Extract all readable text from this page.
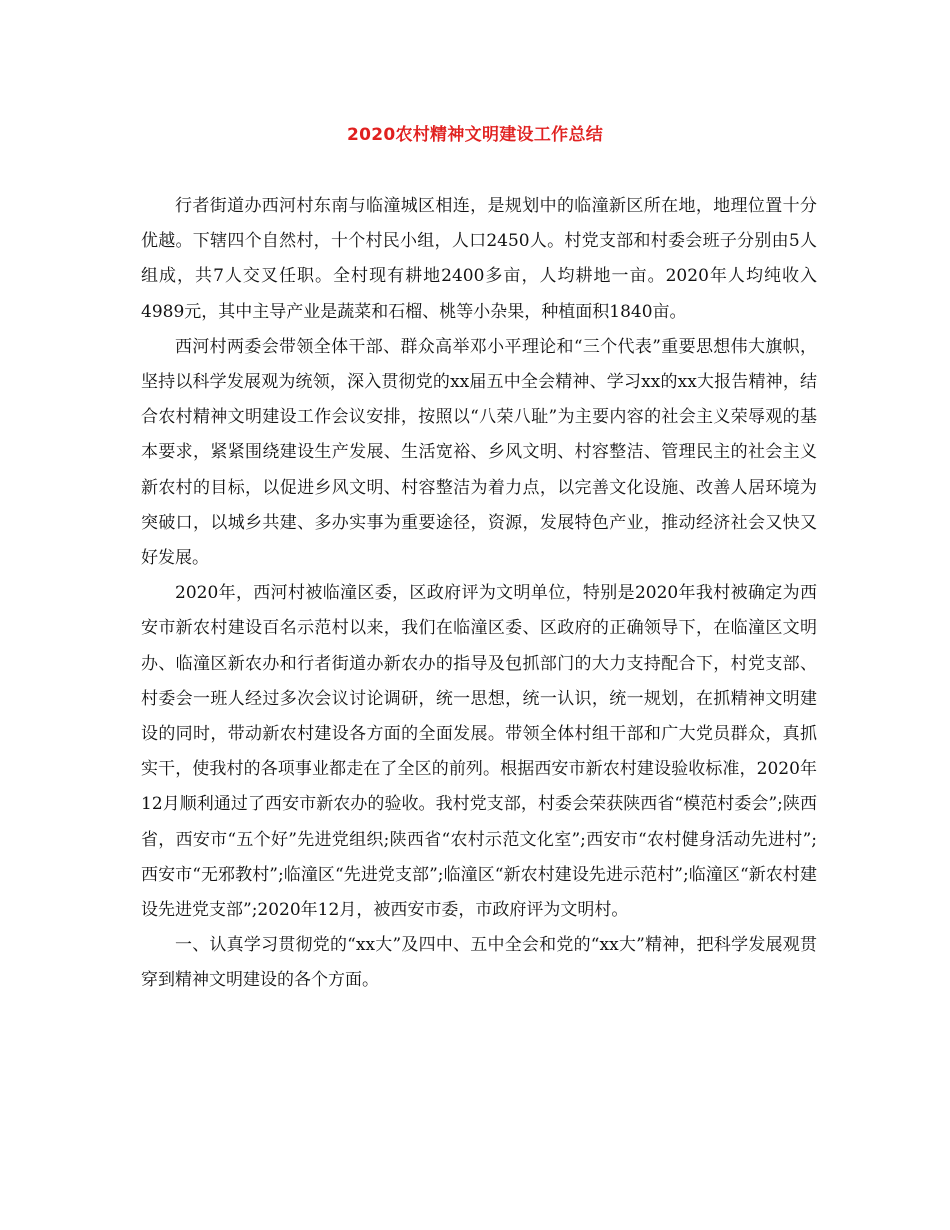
2020农村精神文明建设工作总结

行者街道办西河村东南与临潼城区相连，是规划中的临潼新区所在地，地理位置十分优越。下辖四个自然村，十个村民小组，人口2450人。村党支部和村委会班子分别由5人组成，共7人交叉任职。全村现有耕地2400多亩，人均耕地一亩。2020年人均纯收入4989元，其中主导产业是蔬菜和石榴、桃等小杂果，种植面积1840亩。

西河村两委会带领全体干部、群众高举邓小平理论和“三个代表”重要思想伟大旗帜，坚持以科学发展观为统领，深入贯彻党的xx届五中全会精神、学习xx的xx大报告精神，结合农村精神文明建设工作会议安排，按照以“八荣八耻”为主要内容的社会主义荣辱观的基本要求，紧紧围绕建设生产发展、生活宽裕、乡风文明、村容整洁、管理民主的社会主义新农村的目标，以促进乡风文明、村容整洁为着力点，以完善文化设施、改善人居环境为突破口，以城乡共建、多办实事为重要途径，资源，发展特色产业，推动经济社会又快又好发展。

2020年，西河村被临潼区委，区政府评为文明单位，特别是2020年我村被确定为西安市新农村建设百名示范村以来，我们在临潼区委、区政府的正确领导下，在临潼区文明办、临潼区新农办和行者街道办新农办的指导及包抓部门的大力支持配合下，村党支部、村委会一班人经过多次会议讨论调研，统一思想，统一认识，统一规划，在抓精神文明建设的同时，带动新农村建设各方面的全面发展。带领全体村组干部和广大党员群众，真抓实干，使我村的各项事业都走在了全区的前列。根据西安市新农村建设验收标准，2020年12月顺利通过了西安市新农办的验收。我村党支部，村委会荣获陕西省“模范村委会”;陕西省，西安市“五个好”先进党组织;陕西省“农村示范文化室”;西安市“农村健身活动先进村”;西安市“无邪教村”;临潼区“先进党支部”;临潼区“新农村建设先进示范村”;临潼区“新农村建设先进党支部”;2020年12月，被西安市委，市政府评为文明村。

一、认真学习贯彻党的“xx大”及四中、五中全会和党的“xx大”精神，把科学发展观贯穿到精神文明建设的各个方面。
